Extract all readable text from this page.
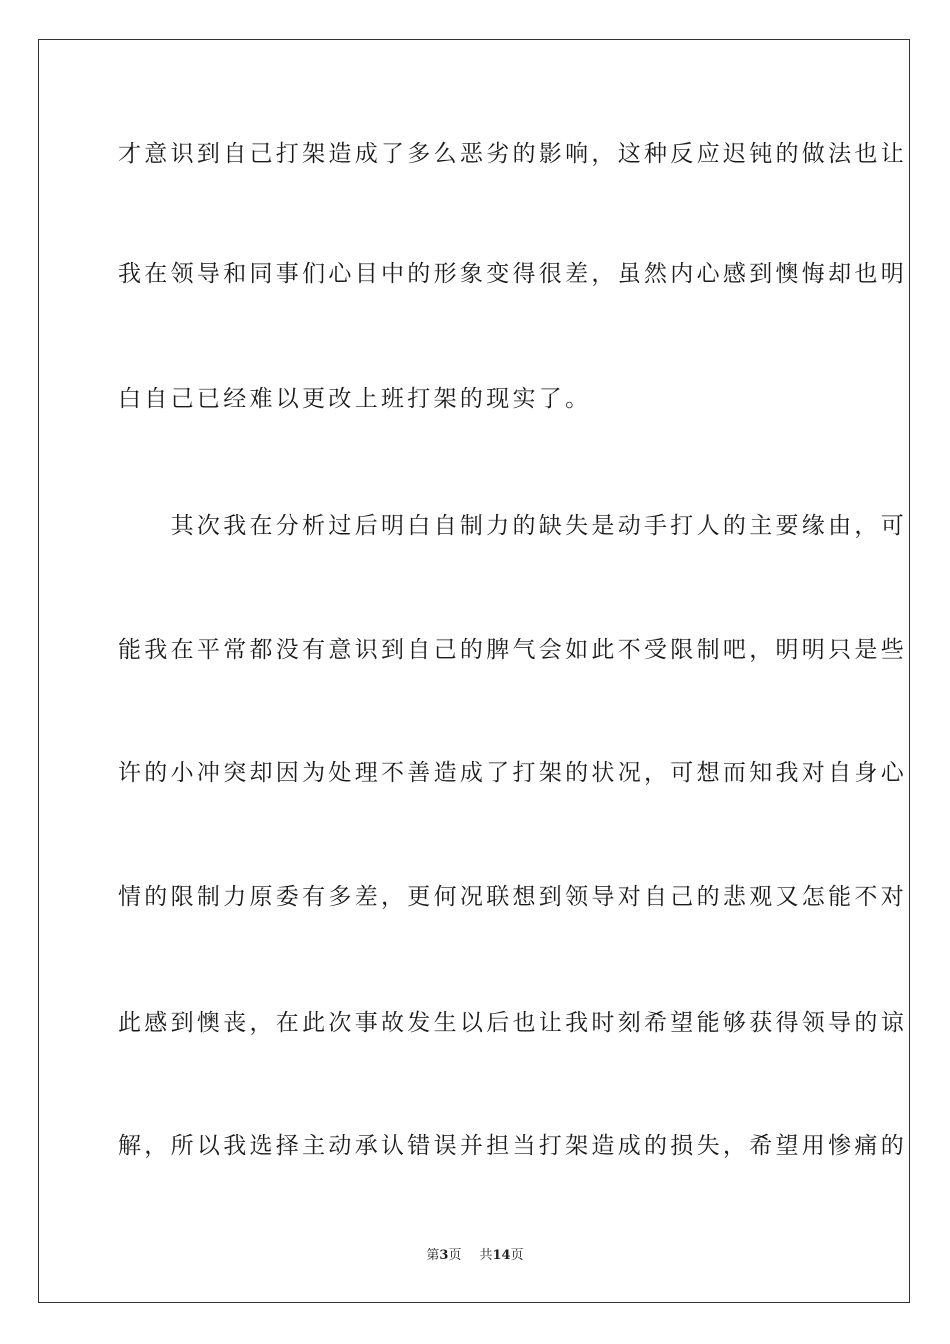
才意识到自己打架造成了多么恶劣的影响，这种反应迟钝的做法也让
我在领导和同事们心目中的形象变得很差，虽然内心感到懊悔却也明
白自己已经难以更改上班打架的现实了。
　　其次我在分析过后明白自制力的缺失是动手打人的主要缘由，可
能我在平常都没有意识到自己的脾气会如此不受限制吧，明明只是些
许的小冲突却因为处理不善造成了打架的状况，可想而知我对自身心
情的限制力原委有多差，更何况联想到领导对自己的悲观又怎能不对
此感到懊丧，在此次事故发生以后也让我时刻希望能够获得领导的谅
解，所以我选择主动承认错误并担当打架造成的损失，希望用惨痛的
第3页 共14页
